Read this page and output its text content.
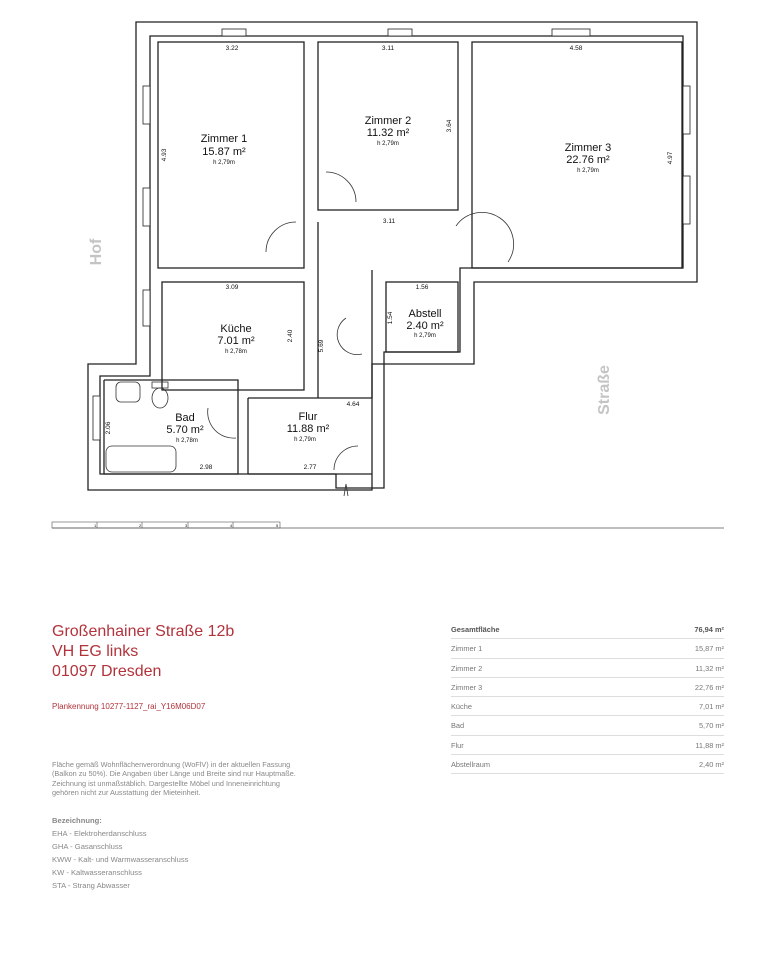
Zimmer 1
15.87 m²
h 2,79m
Zimmer 2
11.32 m²
h 2,79m	Zimmer 3
22.76 m²
h 2,79m
Küche
7.01 m²
h 2,78m
Abstell
2.40 m²
h 2,79m
Bad
5.70 m²
h 2,78m
Flur
11.88 m²
h 2,79m
3.22
4.93
3.11
3.64
3.11
4.58
4.97
3.09
2.40
1.56
1.54
5.69
4.64
2.77
2.98
2.06
Hof
Straße
1	2	3	4	5
Großenhainer Straße 12b
VH EG links
01097 Dresden
Plankennung 10277-1127_rai_Y16M06D07
Fläche gemäß Wohnflächenverordnung (WoFlV) in der aktuellen Fassung (Balkon zu 50%). Die Angaben über Länge und Breite sind nur Hauptmaße. Zeichnung ist unmaßstäblich. Dargestellte Möbel und Inneneinrichtung gehören nicht zur Ausstattung der Mieteinheit.
Bezeichnung:
EHA - Elektroherdanschluss
GHA - Gasanschluss
KWW - Kalt- und Warmwasseranschluss
KW - Kaltwasseranschluss
STA - Strang Abwasser
Gesamtfläche	76,94 m²
Zimmer 1	15,87 m²
Zimmer 2	11,32 m²
Zimmer 3	22,76 m²
Küche	7,01 m²
Bad	5,70 m²
Flur	11,88 m²
Abstellraum	2,40 m²
